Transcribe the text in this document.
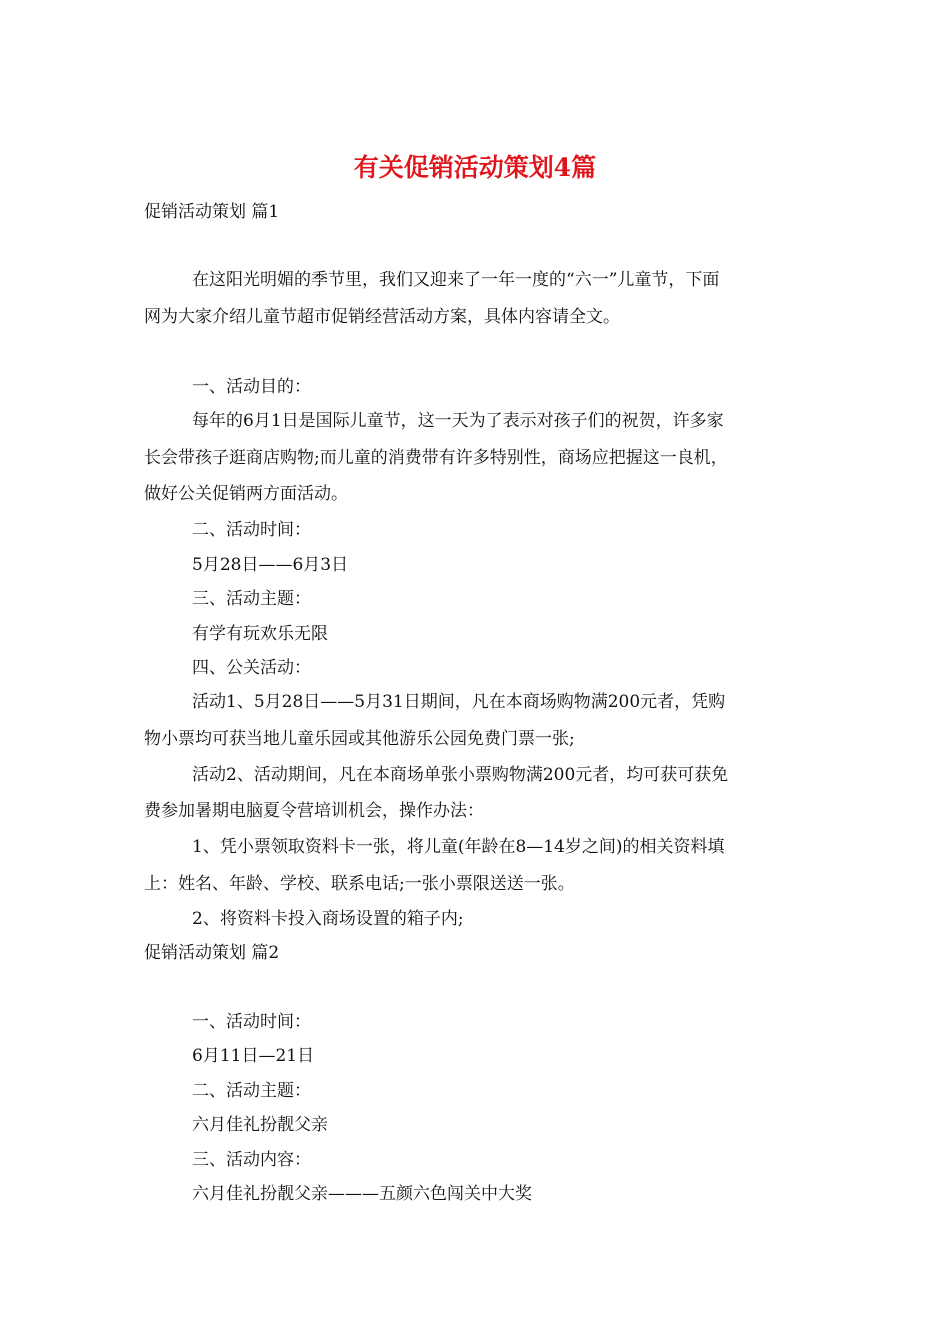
有关促销活动策划4篇
促销活动策划 篇1
在这阳光明媚的季节里，我们又迎来了一年一度的“六一”儿童节，下面
网为大家介绍儿童节超市促销经营活动方案，具体内容请全文。
一、活动目的：
每年的6月1日是国际儿童节，这一天为了表示对孩子们的祝贺，许多家
长会带孩子逛商店购物;而儿童的消费带有许多特别性，商场应把握这一良机，
做好公关促销两方面活动。
二、活动时间：
5月28日——6月3日
三、活动主题：
有学有玩欢乐无限
四、公关活动：
活动1、5月28日——5月31日期间，凡在本商场购物满200元者，凭购
物小票均可获当地儿童乐园或其他游乐公园免费门票一张;
活动2、活动期间，凡在本商场单张小票购物满200元者，均可获可获免
费参加暑期电脑夏令营培训机会，操作办法：
1、凭小票领取资料卡一张，将儿童(年龄在8—14岁之间)的相关资料填
上：姓名、年龄、学校、联系电话;一张小票限送送一张。
2、将资料卡投入商场设置的箱子内;
促销活动策划 篇2
一、活动时间：
6月11日—21日
二、活动主题：
六月佳礼扮靓父亲
三、活动内容：
六月佳礼扮靓父亲———五颜六色闯关中大奖
